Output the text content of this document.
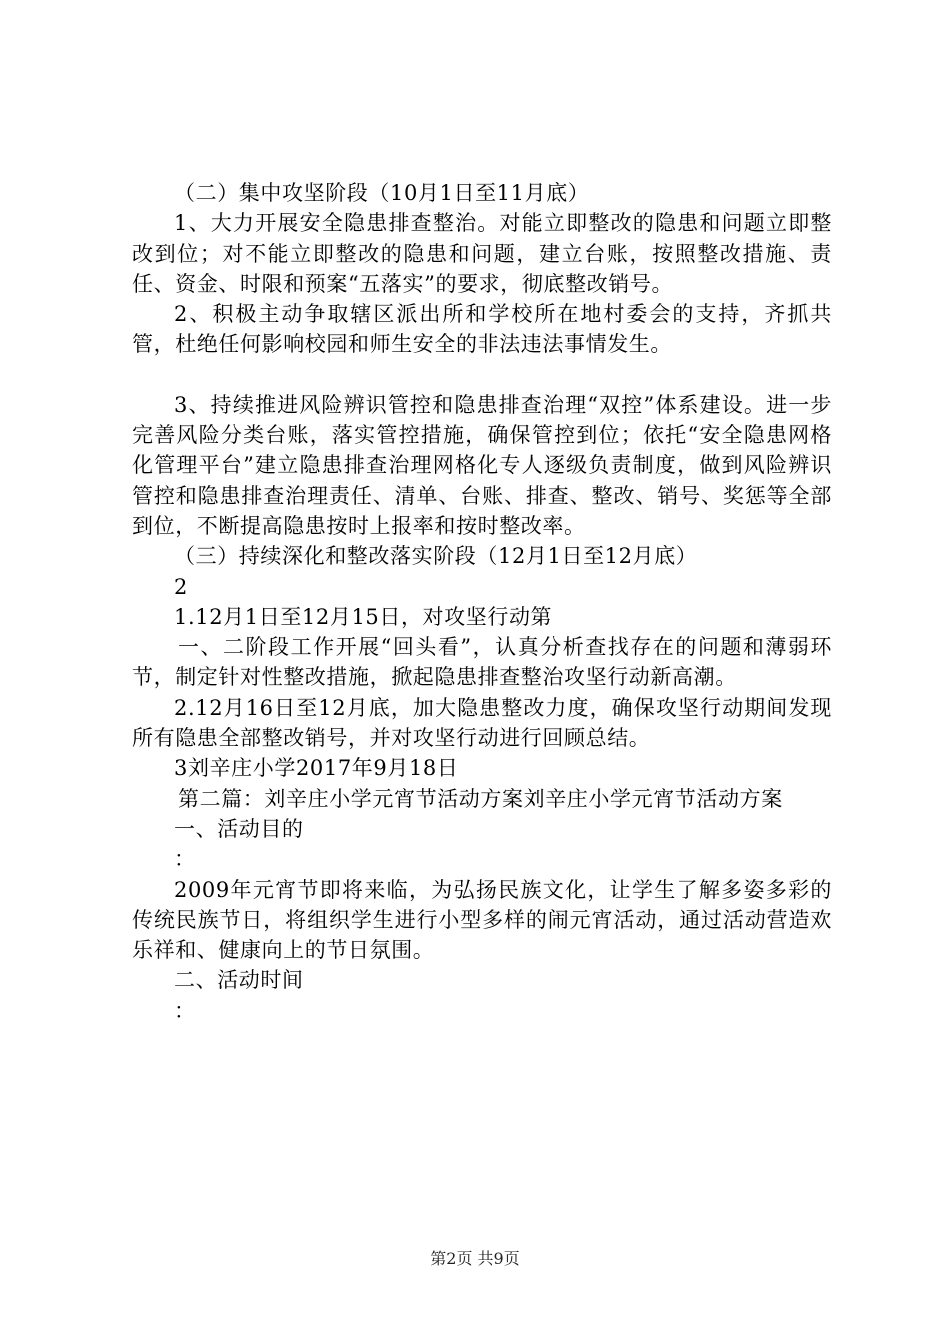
（二）集中攻坚阶段（10月1日至11月底）

1、大力开展安全隐患排查整治。对能立即整改的隐患和问题立即整改到位；对不能立即整改的隐患和问题，建立台账，按照整改措施、责任、资金、时限和预案“五落实”的要求，彻底整改销号。

2、积极主动争取辖区派出所和学校所在地村委会的支持，齐抓共管，杜绝任何影响校园和师生安全的非法违法事情发生。

3、持续推进风险辨识管控和隐患排查治理“双控”体系建设。进一步完善风险分类台账，落实管控措施，确保管控到位；依托“安全隐患网格化管理平台”建立隐患排查治理网格化专人逐级负责制度，做到风险辨识管控和隐患排查治理责任、清单、台账、排查、整改、销号、奖惩等全部到位，不断提高隐患按时上报率和按时整改率。

（三）持续深化和整改落实阶段（12月1日至12月底）

2

1.12月1日至12月15日，对攻坚行动第

一、二阶段工作开展“回头看”，认真分析查找存在的问题和薄弱环节，制定针对性整改措施，掀起隐患排查整治攻坚行动新高潮。

2.12月16日至12月底，加大隐患整改力度，确保攻坚行动期间发现所有隐患全部整改销号，并对攻坚行动进行回顾总结。

3刘辛庄小学2017年9月18日

第二篇：刘辛庄小学元宵节活动方案刘辛庄小学元宵节活动方案

一、活动目的

：

2009年元宵节即将来临，为弘扬民族文化，让学生了解多姿多彩的传统民族节日，将组织学生进行小型多样的闹元宵活动，通过活动营造欢乐祥和、健康向上的节日氛围。

二、活动时间

：

第2页 共9页
